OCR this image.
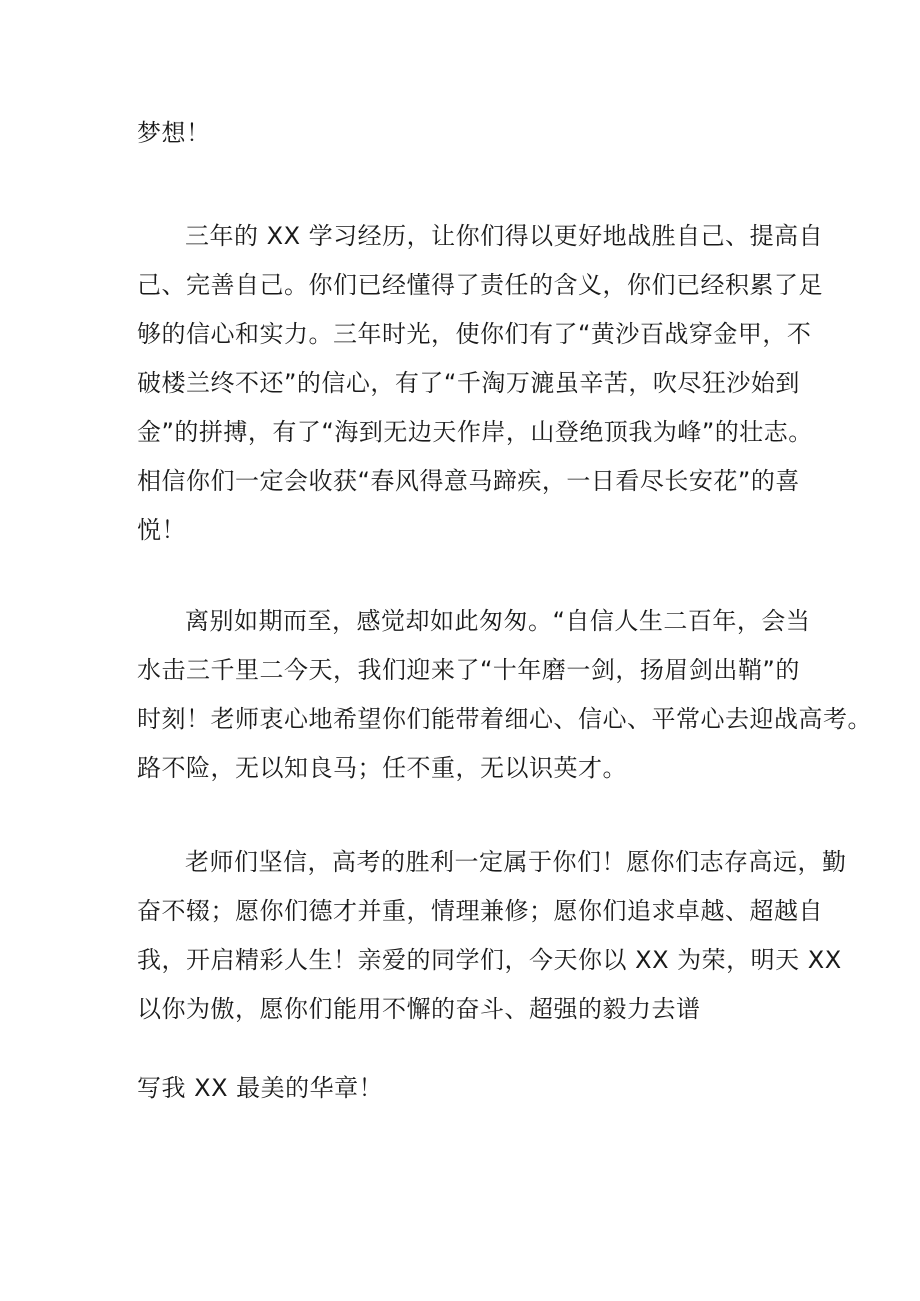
梦想！
三年的 XX 学习经历，让你们得以更好地战胜自己、提高自
己、完善自己。你们已经懂得了责任的含义，你们已经积累了足
够的信心和实力。三年时光，使你们有了“黄沙百战穿金甲，不
破楼兰终不还”的信心，有了“千淘万漉虽辛苦，吹尽狂沙始到
金”的拼搏，有了“海到无边天作岸，山登绝顶我为峰”的壮志。
相信你们一定会收获“春风得意马蹄疾，一日看尽长安花”的喜
悦！
离别如期而至，感觉却如此匆匆。“自信人生二百年，会当
水击三千里二今天，我们迎来了“十年磨一剑，扬眉剑出鞘”的
时刻！老师衷心地希望你们能带着细心、信心、平常心去迎战高考。
路不险，无以知良马；任不重，无以识英才。
老师们坚信，高考的胜利一定属于你们！愿你们志存高远，勤
奋不辍；愿你们德才并重，情理兼修；愿你们追求卓越、超越自
我，开启精彩人生！亲爱的同学们，今天你以 XX 为荣，明天 XX
以你为傲，愿你们能用不懈的奋斗、超强的毅力去谱
写我 XX 最美的华章！
